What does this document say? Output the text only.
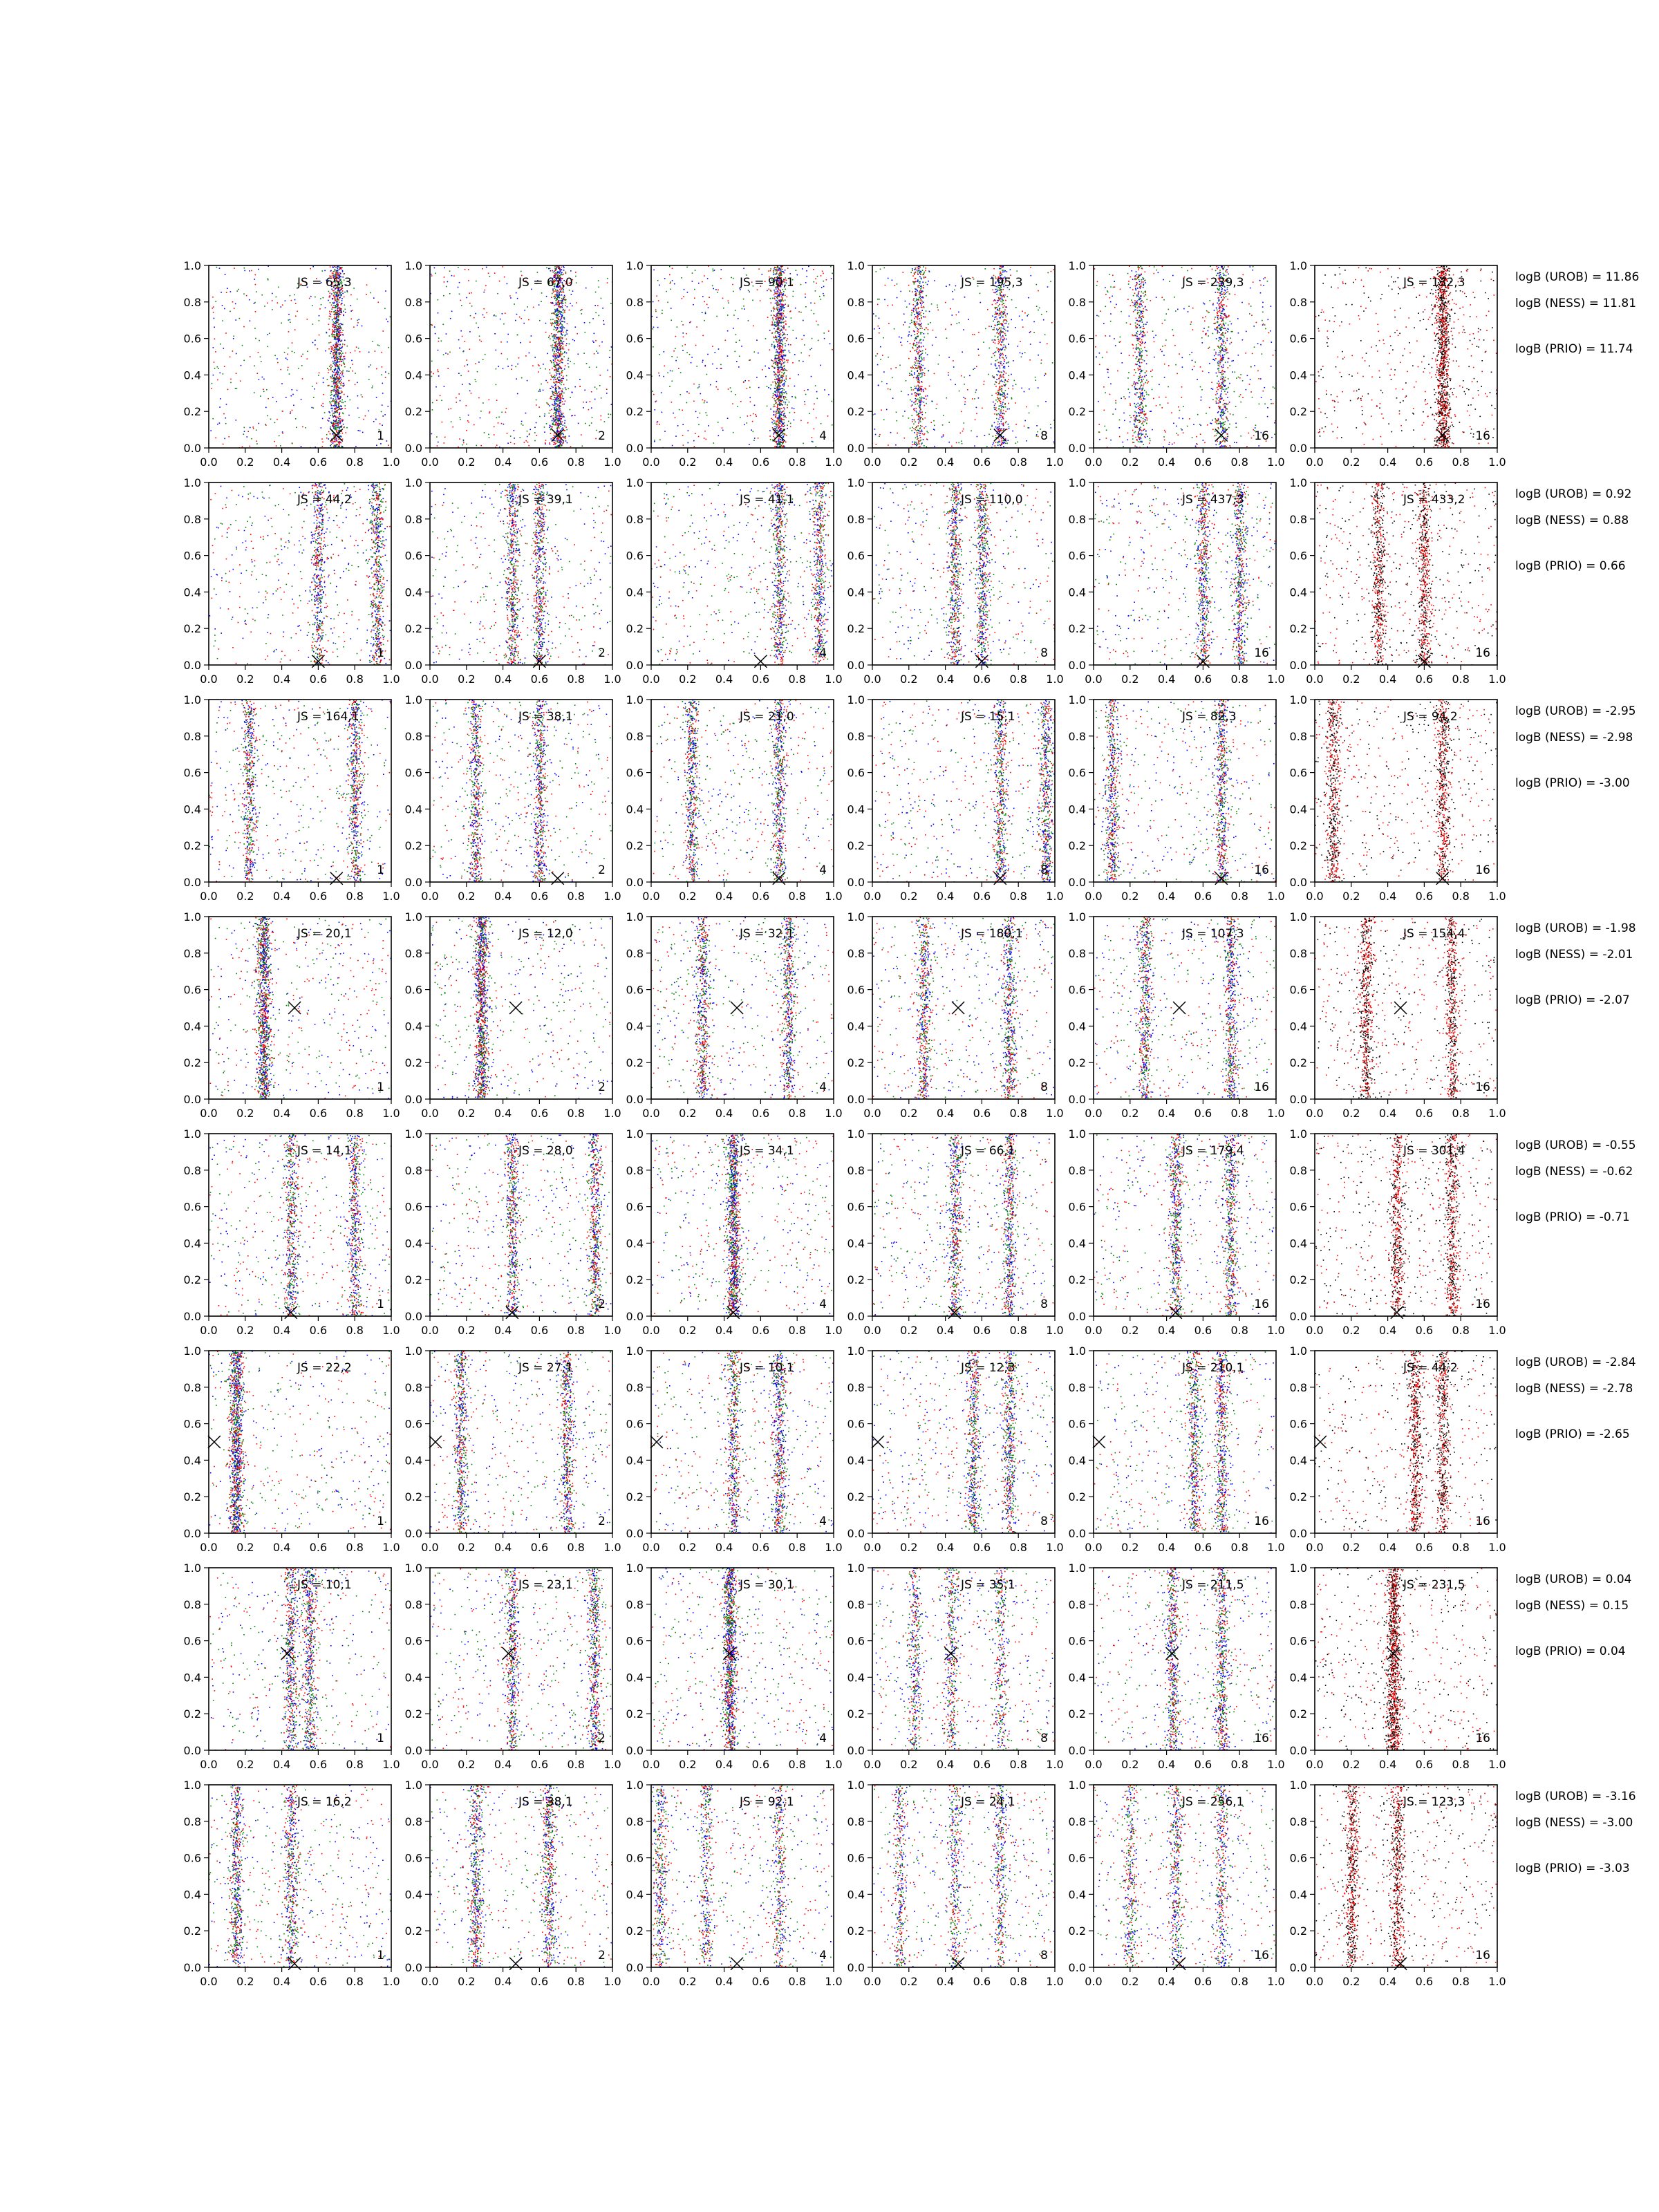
0.0 0.2 0.4 0.6 0.8 1.0
0.0
0.2
0.4
0.6
0.8
1.0
JS = 65,3
1
0.0 0.2 0.4 0.6 0.8 1.0
0.0
0.2
0.4
0.6
0.8
1.0
JS = 67,0
2
0.0 0.2 0.4 0.6 0.8 1.0
0.0
0.2
0.4
0.6
0.8
1.0
JS = 90,1
4
0.0 0.2 0.4 0.6 0.8 1.0
0.0
0.2
0.4
0.6
0.8
1.0
JS = 195,3
8
0.0 0.2 0.4 0.6 0.8 1.0
0.0
0.2
0.4
0.6
0.8
1.0
JS = 239,3
16
0.0 0.2 0.4 0.6 0.8 1.0
0.0
0.2
0.4
0.6
0.8
1.0
JS = 132,3
16
logB (UROB) = 11.86
logB (NESS) = 11.81
logB (PRIO) = 11.74
0.0 0.2 0.4 0.6 0.8 1.0
0.0
0.2
0.4
0.6
0.8
1.0
JS = 44,2
1
0.0 0.2 0.4 0.6 0.8 1.0
0.0
0.2
0.4
0.6
0.8
1.0
JS = 39,1
2
0.0 0.2 0.4 0.6 0.8 1.0
0.0
0.2
0.4
0.6
0.8
1.0
JS = 41,1
4
0.0 0.2 0.4 0.6 0.8 1.0
0.0
0.2
0.4
0.6
0.8
1.0
JS = 110,0
8
0.0 0.2 0.4 0.6 0.8 1.0
0.0
0.2
0.4
0.6
0.8
1.0
JS = 437,3
16
0.0 0.2 0.4 0.6 0.8 1.0
0.0
0.2
0.4
0.6
0.8
1.0
JS = 433,2
16
logB (UROB) = 0.92
logB (NESS) = 0.88
logB (PRIO) = 0.66
0.0 0.2 0.4 0.6 0.8 1.0
0.0
0.2
0.4
0.6
0.8
1.0
JS = 164,1
1
0.0 0.2 0.4 0.6 0.8 1.0
0.0
0.2
0.4
0.6
0.8
1.0
JS = 38,1
2
0.0 0.2 0.4 0.6 0.8 1.0
0.0
0.2
0.4
0.6
0.8
1.0
JS = 21,0
4
0.0 0.2 0.4 0.6 0.8 1.0
0.0
0.2
0.4
0.6
0.8
1.0
JS = 15,1
8
0.0 0.2 0.4 0.6 0.8 1.0
0.0
0.2
0.4
0.6
0.8
1.0
JS = 82,3
16
0.0 0.2 0.4 0.6 0.8 1.0
0.0
0.2
0.4
0.6
0.8
1.0
JS = 94,2
16
logB (UROB) = -2.95
logB (NESS) = -2.98
logB (PRIO) = -3.00
0.0 0.2 0.4 0.6 0.8 1.0
0.0
0.2
0.4
0.6
0.8
1.0
JS = 20,1
1
0.0 0.2 0.4 0.6 0.8 1.0
0.0
0.2
0.4
0.6
0.8
1.0
JS = 12,0
2
0.0 0.2 0.4 0.6 0.8 1.0
0.0
0.2
0.4
0.6
0.8
1.0
JS = 32,1
4
0.0 0.2 0.4 0.6 0.8 1.0
0.0
0.2
0.4
0.6
0.8
1.0
JS = 180,1
8
0.0 0.2 0.4 0.6 0.8 1.0
0.0
0.2
0.4
0.6
0.8
1.0
JS = 107,3
16
0.0 0.2 0.4 0.6 0.8 1.0
0.0
0.2
0.4
0.6
0.8
1.0
JS = 154,4
16
logB (UROB) = -1.98
logB (NESS) = -2.01
logB (PRIO) = -2.07
0.0 0.2 0.4 0.6 0.8 1.0
0.0
0.2
0.4
0.6
0.8
1.0
JS = 14,1
1
0.0 0.2 0.4 0.6 0.8 1.0
0.0
0.2
0.4
0.6
0.8
1.0
JS = 28,0
2
0.0 0.2 0.4 0.6 0.8 1.0
0.0
0.2
0.4
0.6
0.8
1.0
JS = 34,1
4
0.0 0.2 0.4 0.6 0.8 1.0
0.0
0.2
0.4
0.6
0.8
1.0
JS = 66,1
8
0.0 0.2 0.4 0.6 0.8 1.0
0.0
0.2
0.4
0.6
0.8
1.0
JS = 179,4
16
0.0 0.2 0.4 0.6 0.8 1.0
0.0
0.2
0.4
0.6
0.8
1.0
JS = 301,4
16
logB (UROB) = -0.55
logB (NESS) = -0.62
logB (PRIO) = -0.71
0.0 0.2 0.4 0.6 0.8 1.0
0.0
0.2
0.4
0.6
0.8
1.0
JS = 22,2
1
0.0 0.2 0.4 0.6 0.8 1.0
0.0
0.2
0.4
0.6
0.8
1.0
JS = 27,1
2
0.0 0.2 0.4 0.6 0.8 1.0
0.0
0.2
0.4
0.6
0.8
1.0
JS = 10,1
4
0.0 0.2 0.4 0.6 0.8 1.0
0.0
0.2
0.4
0.6
0.8
1.0
JS = 12,3
8
0.0 0.2 0.4 0.6 0.8 1.0
0.0
0.2
0.4
0.6
0.8
1.0
JS = 210,1
16
0.0 0.2 0.4 0.6 0.8 1.0
0.0
0.2
0.4
0.6
0.8
1.0
JS = 44,2
16
logB (UROB) = -2.84
logB (NESS) = -2.78
logB (PRIO) = -2.65
0.0 0.2 0.4 0.6 0.8 1.0
0.0
0.2
0.4
0.6
0.8
1.0
JS = 10,1
1
0.0 0.2 0.4 0.6 0.8 1.0
0.0
0.2
0.4
0.6
0.8
1.0
JS = 23,1
2
0.0 0.2 0.4 0.6 0.8 1.0
0.0
0.2
0.4
0.6
0.8
1.0
JS = 30,1
4
0.0 0.2 0.4 0.6 0.8 1.0
0.0
0.2
0.4
0.6
0.8
1.0
JS = 35,1
8
0.0 0.2 0.4 0.6 0.8 1.0
0.0
0.2
0.4
0.6
0.8
1.0
JS = 211,5
16
0.0 0.2 0.4 0.6 0.8 1.0
0.0
0.2
0.4
0.6
0.8
1.0
JS = 231,5
16
logB (UROB) = 0.04
logB (NESS) = 0.15
logB (PRIO) = 0.04
0.0 0.2 0.4 0.6 0.8 1.0
0.0
0.2
0.4
0.6
0.8
1.0
JS = 16,2
1
0.0 0.2 0.4 0.6 0.8 1.0
0.0
0.2
0.4
0.6
0.8
1.0
JS = 38,1
2
0.0 0.2 0.4 0.6 0.8 1.0
0.0
0.2
0.4
0.6
0.8
1.0
JS = 92,1
4
0.0 0.2 0.4 0.6 0.8 1.0
0.0
0.2
0.4
0.6
0.8
1.0
JS = 24,1
8
0.0 0.2 0.4 0.6 0.8 1.0
0.0
0.2
0.4
0.6
0.8
1.0
JS = 256,1
16
0.0 0.2 0.4 0.6 0.8 1.0
0.0
0.2
0.4
0.6
0.8
1.0
JS = 123,3
16
logB (UROB) = -3.16
logB (NESS) = -3.00
logB (PRIO) = -3.03
